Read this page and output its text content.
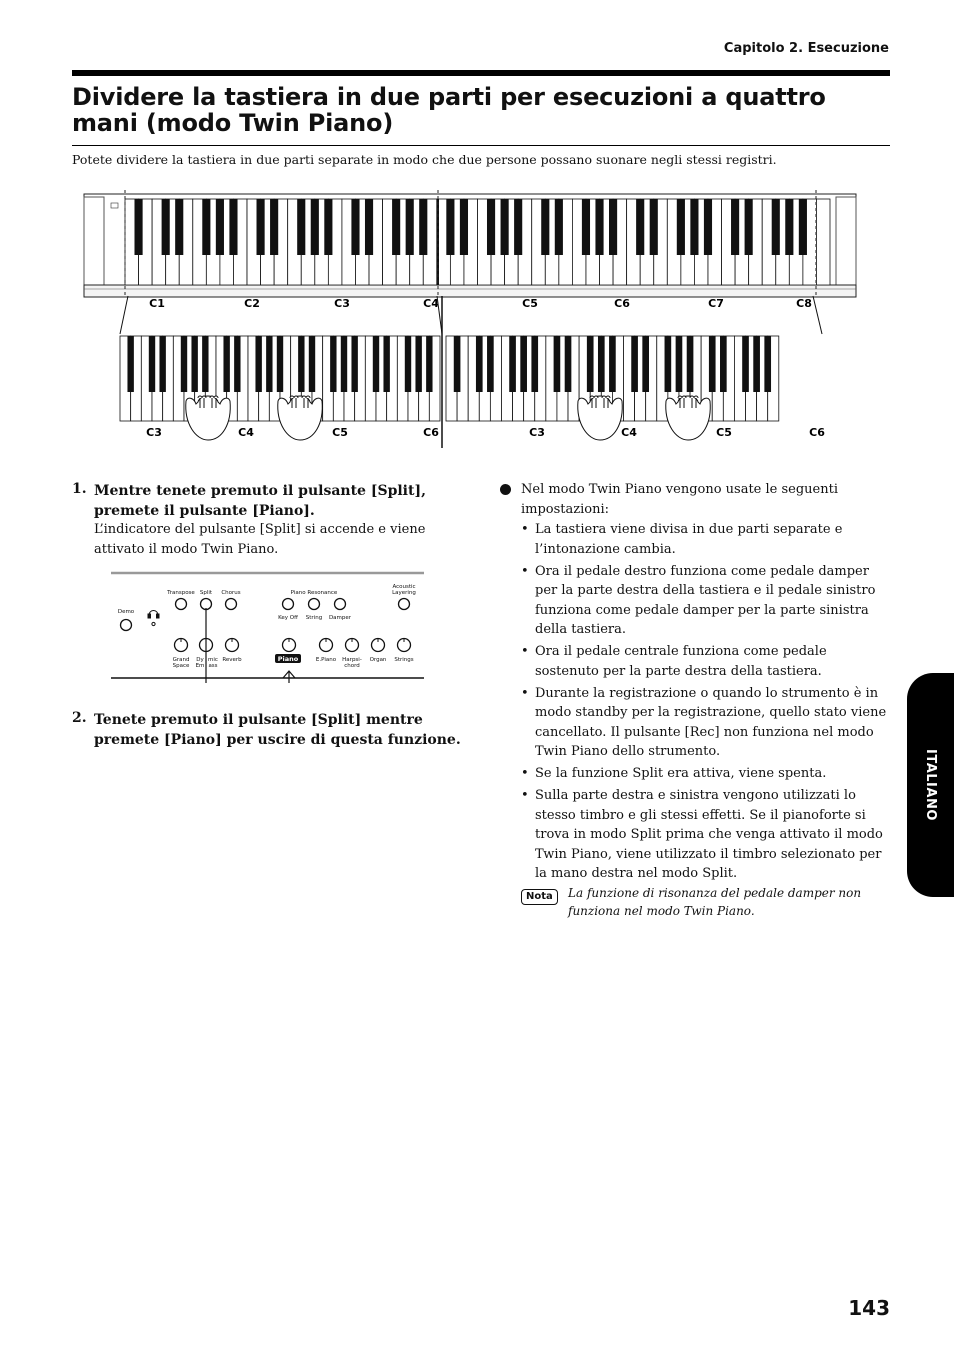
Capitolo 2. Esecuzione
Dividere la tastiera in due parti per esecuzioni a quattro mani (modo Twin Piano)
Potete dividere la tastiera in due parti separate in modo che due persone possano suonare negli stessi registri.
C1	C2	C3	C4	C5	C6	C7	C8
C3	C4	C5	C6	C3	C4	C5	C6
1. Mentre tenete premuto il pulsante [Split], premete il pulsante [Piano].
L’indicatore del pulsante [Split] si accende e viene attivato il modo Twin Piano.
Demo
Transpose Split Chorus	Piano Resonance
Key Off String Damper
Acoustic
Layering
Grand
Space
Dy mic
Em ass
Reverb	E.Piano Harpsi-
chord
Organ Strings
Piano
2. Tenete premuto il pulsante [Split] mentre premete [Piano] per uscire di questa funzione.
Nel modo Twin Piano vengono usate le seguenti impostazioni:
• La tastiera viene divisa in due parti separate e l’intonazione cambia.
• Ora il pedale destro funziona come pedale damper per la parte destra della tastiera e il pedale sinistro funziona come pedale damper per la parte sinistra della tastiera.
• Ora il pedale centrale funziona come pedale sostenuto per la parte destra della tastiera.
• Durante la registrazione o quando lo strumento è in modo standby per la registrazione, quello stato viene cancellato. Il pulsante [Rec] non funziona nel modo Twin Piano dello strumento.
• Se la funzione Split era attiva, viene spenta.
• Sulla parte destra e sinistra vengono utilizzati lo stesso timbro e gli stessi effetti. Se il pianoforte si trova in modo Split prima che venga attivato il modo Twin Piano, viene utilizzato il timbro selezionato per la mano destra nel modo Split.
Nota	La funzione di risonanza del pedale damper non funziona nel modo Twin Piano.
ITALIANO
143
